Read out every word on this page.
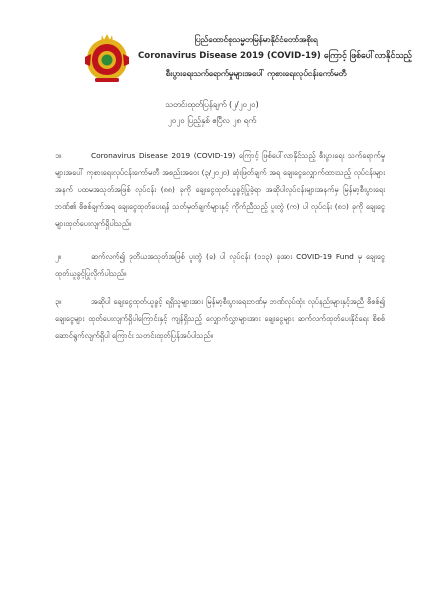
ပြည်ထောင်စုသမ္မတမြန်မာနိုင်ငံတော်အစိုးရ
Coronavirus Disease 2019 (COVID-19) ကြောင့် ဖြစ်ပေါ်လာနိုင်သည့်
စီးပွားရေးသက်ရောက်မှုများအပေါ် ကုစားရေးလုပ်ငန်းကော်မတီ
သတင်းထုတ်ပြန်ချက် (၂/၂၀၂၀)
၂၀၂၀ ပြည့်နှစ် ဧပြီလ ၂၈ ရက်
၁။	Coronavirus Disease 2019 (COVID-19) ကြောင့် ဖြစ်ပေါ်လာနိုင်သည့် စီးပွားရေး သက်ရောက်မှုများအပေါ် ကုစားရေးလုပ်ငန်းကော်မတီ အစည်းအဝေး (၃/၂၀၂၀) ဆုံးဖြတ်ချက် အရ ချေးငွေလျှောက်ထားသည့် လုပ်ငန်းများအနက် ပထမအသုတ်အဖြစ် လုပ်ငန်း (၈၈) ခုကို ချေးငွေထုတ်ယူခွင့်ပြုခဲ့ရာ အဆိုပါလုပ်ငန်းများအနက်မှ မြန်မာ့စီးပွားရေးဘဏ်၏ စိစစ်ချက်အရ ချေးငွေထုတ်ပေးရန် သတ်မှတ်ချက်များနှင့် ကိုက်ညီသည့် ပူးတွဲ (က) ပါ လုပ်ငန်း (၈၁) ခုကို ချေးငွေများထုတ်ပေးလျက်ရှိပါသည်။
၂။	ဆက်လက်၍ ဒုတိယအသုတ်အဖြစ် ပူးတွဲ (ခ) ပါ လုပ်ငန်း (၁၁၃) ခုအား COVID-19 Fund မှ ချေးငွေထုတ်ယူခွင့်ပြုလိုက်ပါသည်။
၃။	အဆိုပါ ချေးငွေထုတ်ယူခွင့် ရရှိသူများအား မြန်မာ့စီးပွားရေးဘဏ်မှ ဘဏ်လုပ်ထုံး လုပ်နည်းများနှင့်အညီ စိစစ်၍ ချေးငွေများ ထုတ်ပေးလျက်ရှိပါကြောင်းနှင့် ကျန်ရှိသည့် လျှောက်လွှာများအား ချေးငွေများ ဆက်လက်ထုတ်ပေးနိုင်ရေး စိစစ်ဆောင်ရွက်လျက်ရှိပါ ကြောင်း သတင်းထုတ်ပြန်အပ်ပါသည်။
